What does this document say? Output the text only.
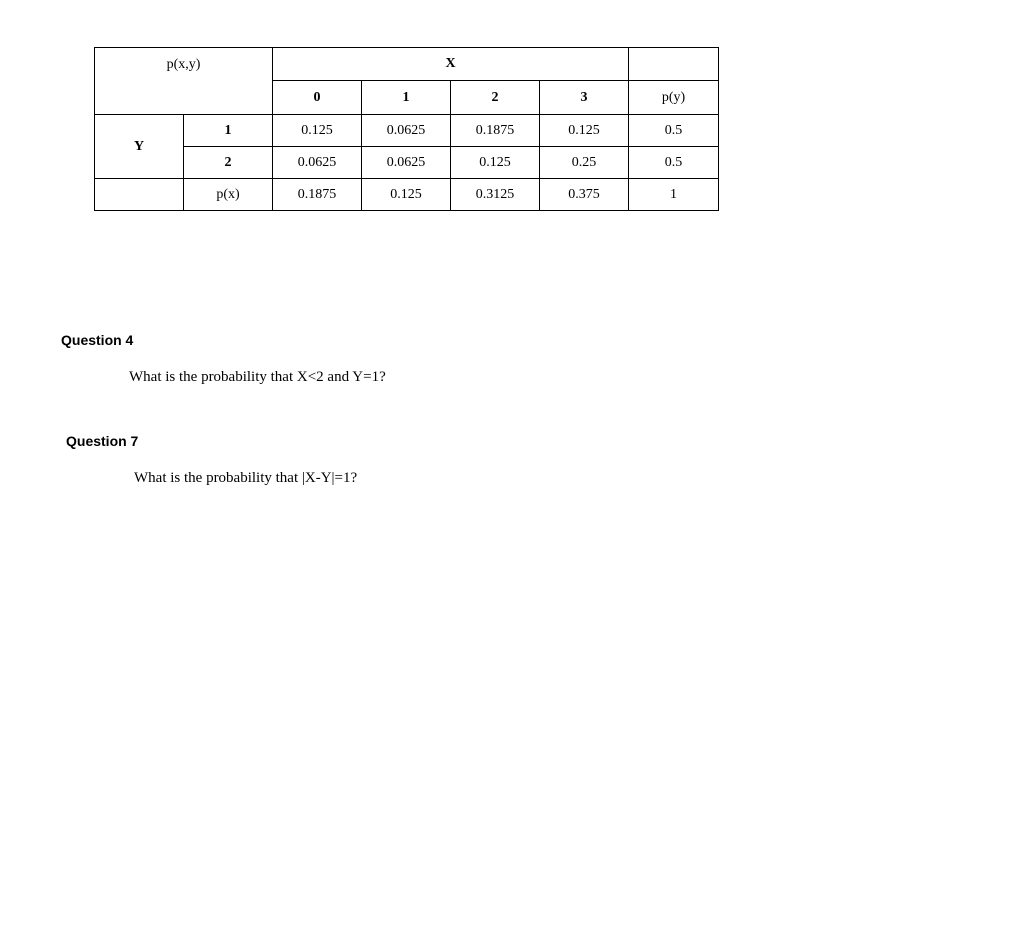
p(x,y)		X				
		0	1	2	3	p(y)
Y	1	0.125	0.0625	0.1875	0.125	0.5
	2	0.0625	0.0625	0.125	0.25	0.5
	p(x)	0.1875	0.125	0.3125	0.375	1

Question 4

What is the probability that X<2 and Y=1?

Question 7

What is the probability that |X-Y|=1?
